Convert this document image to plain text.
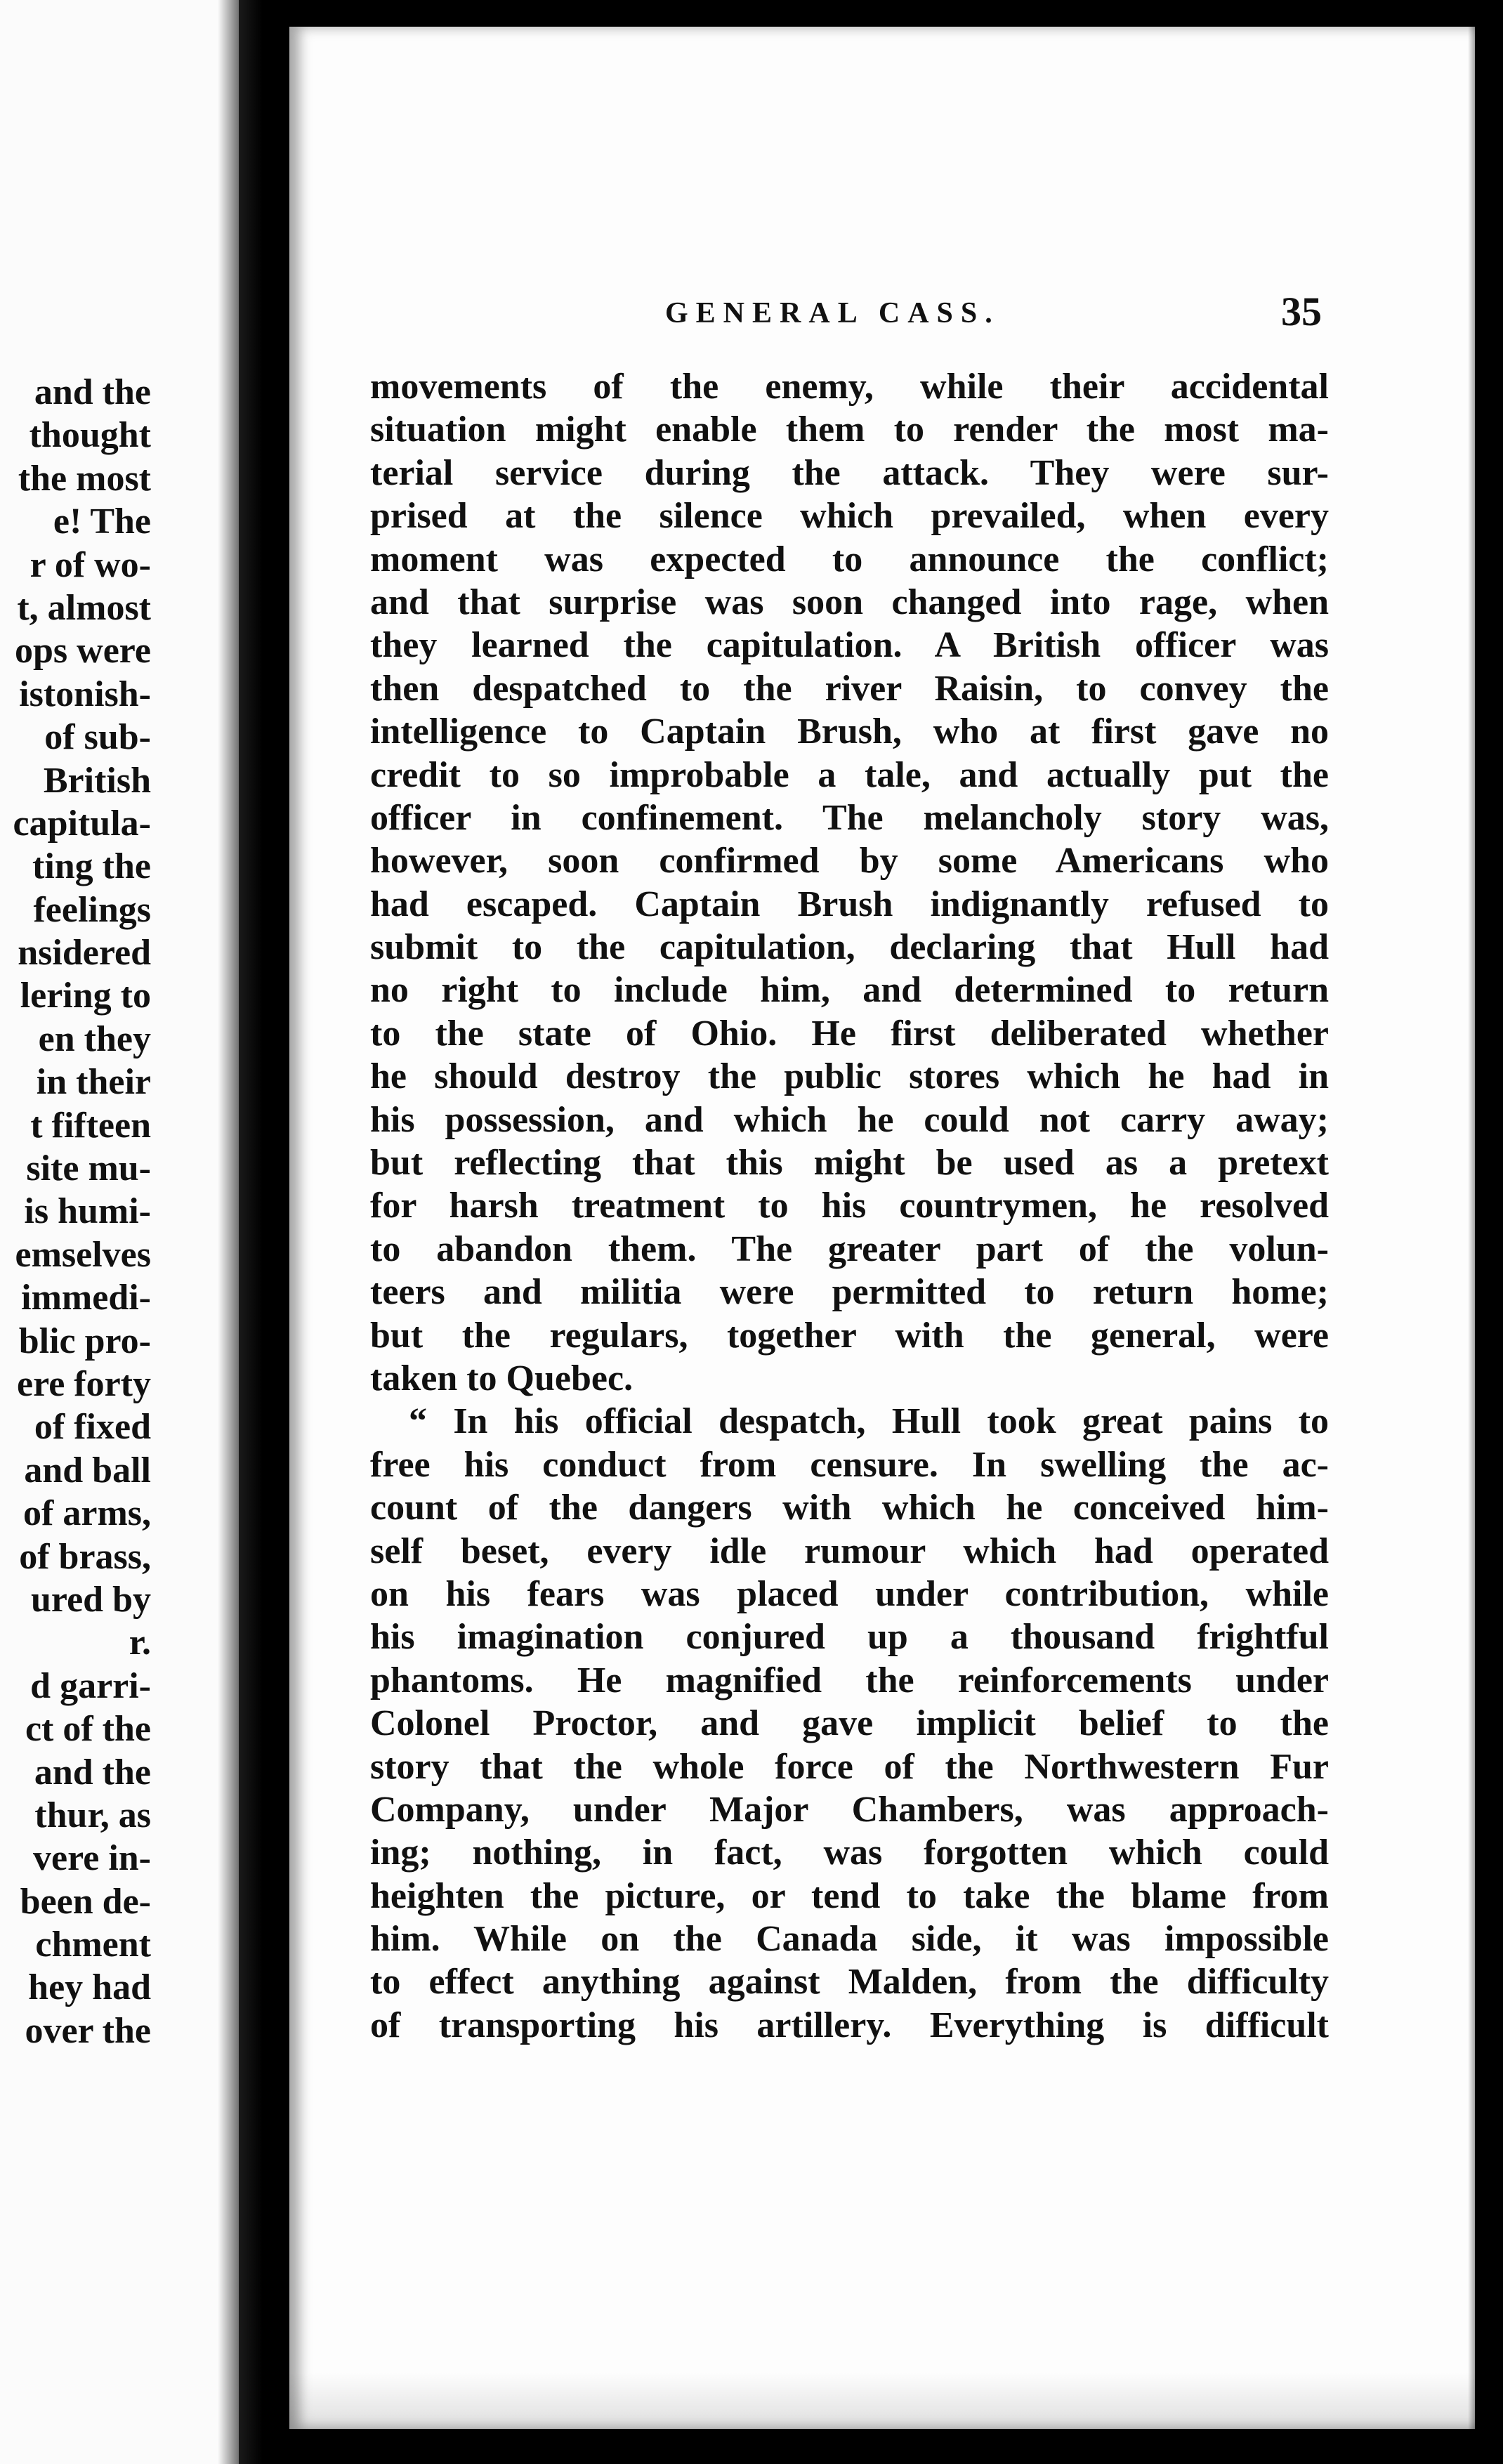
and the
thought
the most
e! The
r of wo-
t, almost
ops were
istonish-
of sub-
British
capitula-
ting the
feelings
nsidered
lering to
en they
in their
t fifteen
site mu-
is humi-
emselves
immedi-
blic pro-
ere forty
of fixed
and ball
of arms,
of brass,
ured by
r.
d garri-
ct of the
and the
thur, as
vere in-
been de-
chment
hey had
over the
GENERAL CASS.	35
movements of the enemy, while their accidental
situation might enable them to render the most ma-
terial service during the attack. They were sur-
prised at the silence which prevailed, when every
moment was expected to announce the conflict;
and that surprise was soon changed into rage, when
they learned the capitulation. A British officer was
then despatched to the river Raisin, to convey the
intelligence to Captain Brush, who at first gave no
credit to so improbable a tale, and actually put the
officer in confinement. The melancholy story was,
however, soon confirmed by some Americans who
had escaped. Captain Brush indignantly refused to
submit to the capitulation, declaring that Hull had
no right to include him, and determined to return
to the state of Ohio. He first deliberated whether
he should destroy the public stores which he had in
his possession, and which he could not carry away;
but reflecting that this might be used as a pretext
for harsh treatment to his countrymen, he resolved
to abandon them. The greater part of the volun-
teers and militia were permitted to return home;
but the regulars, together with the general, were
taken to Quebec.
“ In his official despatch, Hull took great pains to
free his conduct from censure. In swelling the ac-
count of the dangers with which he conceived him-
self beset, every idle rumour which had operated
on his fears was placed under contribution, while
his imagination conjured up a thousand frightful
phantoms. He magnified the reinforcements under
Colonel Proctor, and gave implicit belief to the
story that the whole force of the Northwestern Fur
Company, under Major Chambers, was approach-
ing; nothing, in fact, was forgotten which could
heighten the picture, or tend to take the blame from
him. While on the Canada side, it was impossible
to effect anything against Malden, from the difficulty
of transporting his artillery. Everything is difficult
